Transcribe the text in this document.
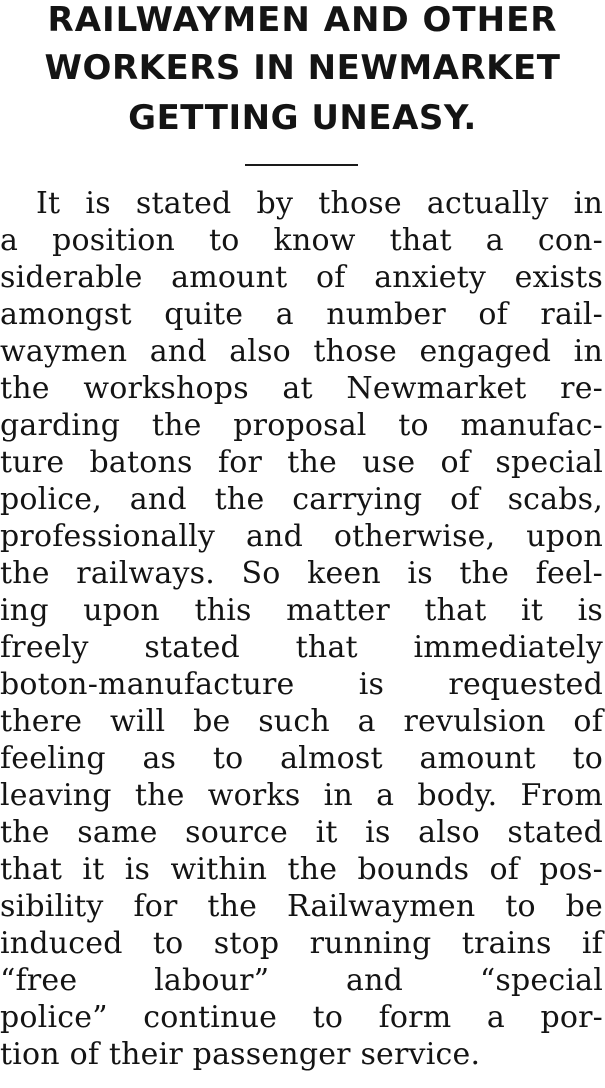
RAILWAYMEN AND OTHER
WORKERS IN NEWMARKET
GETTING UNEASY.
It is stated by those actually in
a position to know that a con-
siderable amount of anxiety exists
amongst quite a number of rail-
waymen and also those engaged in
the workshops at Newmarket re-
garding the proposal to manufac-
ture batons for the use of special
police, and the carrying of scabs,
professionally and otherwise, upon
the railways. So keen is the feel-
ing upon this matter that it is
freely stated that immediately
boton-manufacture is requested
there will be such a revulsion of
feeling as to almost amount to
leaving the works in a body. From
the same source it is also stated
that it is within the bounds of pos-
sibility for the Railwaymen to be
induced to stop running trains if
“free labour” and “special
police” continue to form a por-
tion of their passenger service.
